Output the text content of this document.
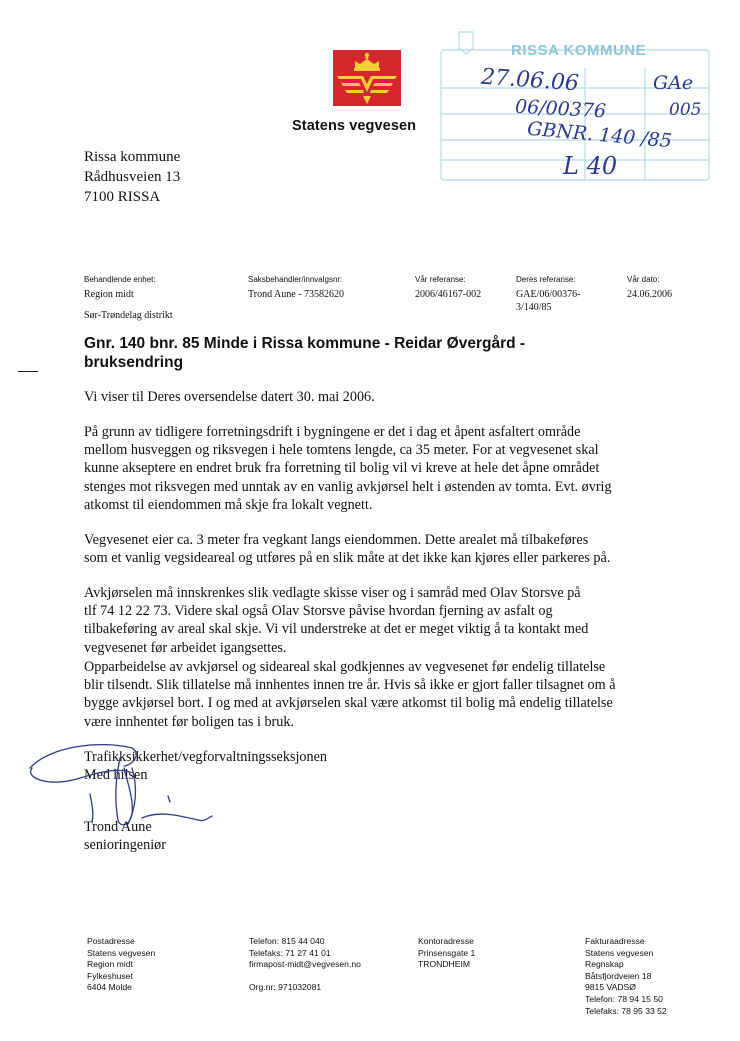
Statens vegvesen
RISSA KOMMUNE
27.06.06	GAe
06/00376	005
GBNR. 140 /85
L 40
Rissa kommune
Rådhusveien 13
7100 RISSA
Behandlende enhet:
Region midt
Sør-Trøndelag distrikt
Saksbehandler/innvalgsnr:
Trond Aune - 73582620
Vår referanse:
2006/46167-002
Deres referanse:
GAE/06/00376-
3/140/85
Vår dato:
24.06.2006
Gnr. 140 bnr. 85 Minde i Rissa kommune - Reidar Øvergård -
bruksendring
Vi viser til Deres oversendelse datert 30. mai 2006.
På grunn av tidligere forretningsdrift i bygningene er det i dag et åpent asfaltert område
mellom husveggen og riksvegen i hele tomtens lengde, ca 35 meter. For at vegvesenet skal
kunne akseptere en endret bruk fra forretning til bolig vil vi kreve at hele det åpne området
stenges mot riksvegen med unntak av en vanlig avkjørsel helt i østenden av tomta. Evt. øvrig
atkomst til eiendommen må skje fra lokalt vegnett.
Vegvesenet eier ca. 3 meter fra vegkant langs eiendommen. Dette arealet må tilbakeføres
som et vanlig vegsideareal og utføres på en slik måte at det ikke kan kjøres eller parkeres på.
Avkjørselen må innskrenkes slik vedlagte skisse viser og i samråd med Olav Storsve på
tlf 74 12 22 73. Videre skal også Olav Storsve påvise hvordan fjerning av asfalt og
tilbakeføring av areal skal skje. Vi vil understreke at det er meget viktig å ta kontakt med
vegvesenet før arbeidet igangsettes.
Opparbeidelse av avkjørsel og sideareal skal godkjennes av vegvesenet før endelig tillatelse
blir tilsendt. Slik tillatelse må innhentes innen tre år. Hvis så ikke er gjort faller tilsagnet om å
bygge avkjørsel bort. I og med at avkjørselen skal være atkomst til bolig må endelig tillatelse
være innhentet før boligen tas i bruk.
Trafikksikkerhet/vegforvaltningsseksjonen
Med hilsen
Trond Aune
senioringeniør
Postadresse
Statens vegvesen
Region midt
Fylkeshuset
6404 Molde
Telefon: 815 44 040
Telefaks: 71 27 41 01
firmapost-midt@vegvesen.no
Org.nr: 971032081
Kontoradresse
Prinsensgate 1
TRONDHEIM
Fakturaadresse
Statens vegvesen
Regnskap
Båtsfjordveien 18
9815 VADSØ
Telefon: 78 94 15 50
Telefaks: 78 95 33 52
